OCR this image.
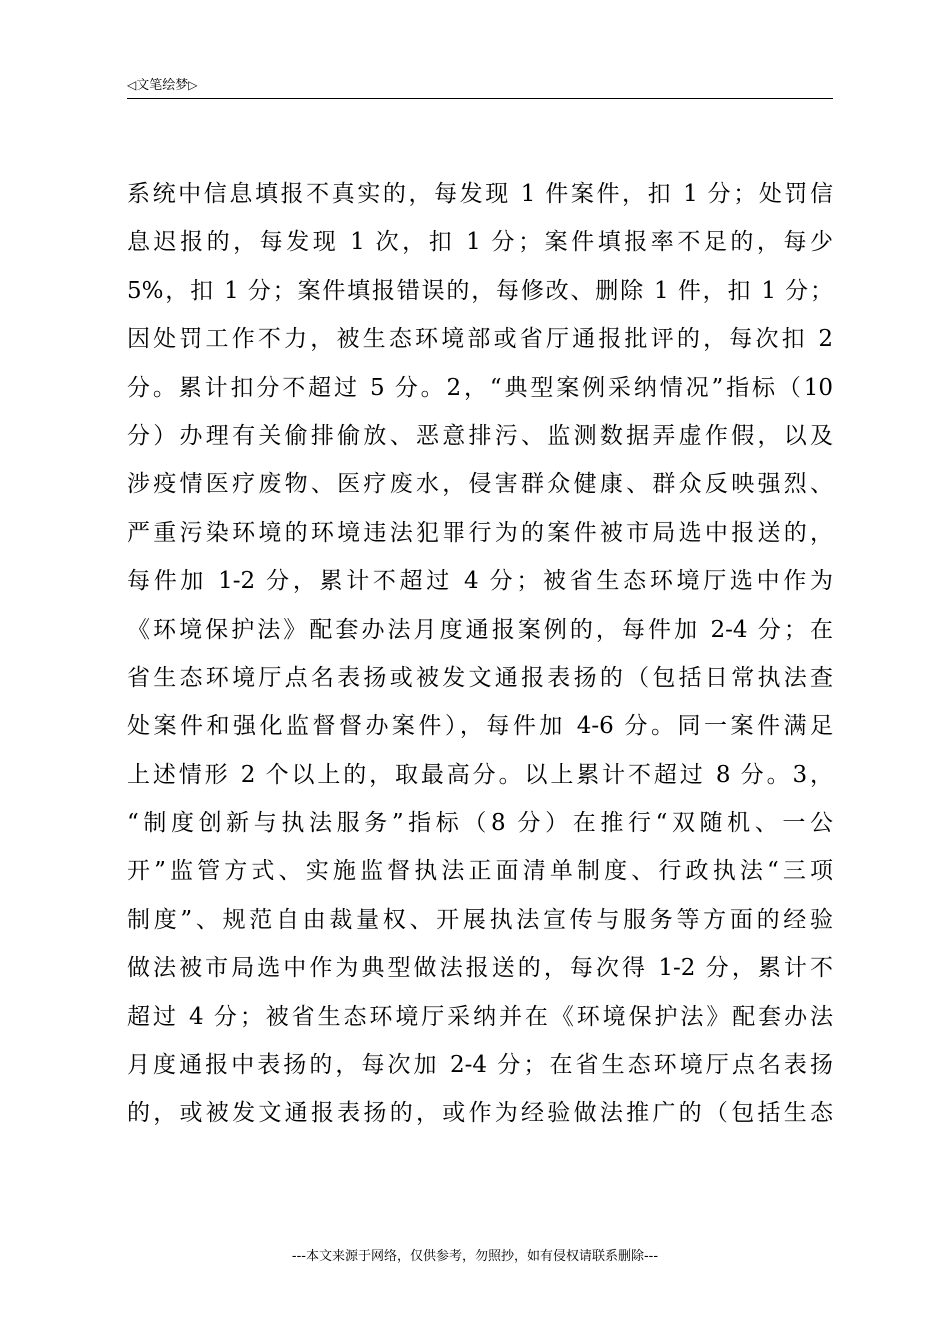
◁文笔绘梦▷
系统中信息填报不真实的，每发现 1 件案件，扣 1 分；处罚信
息迟报的，每发现 1 次，扣 1 分；案件填报率不足的，每少
5%，扣 1 分；案件填报错误的，每修改、删除 1 件，扣 1 分；
因处罚工作不力，被生态环境部或省厅通报批评的，每次扣 2
分。累计扣分不超过 5 分。2，“典型案例采纳情况”指标（10
分）办理有关偷排偷放、恶意排污、监测数据弄虚作假，以及
涉疫情医疗废物、医疗废水，侵害群众健康、群众反映强烈、
严重污染环境的环境违法犯罪行为的案件被市局选中报送的，
每件加 1-2 分，累计不超过 4 分；被省生态环境厅选中作为
《环境保护法》配套办法月度通报案例的，每件加 2-4 分；在
省生态环境厅点名表扬或被发文通报表扬的（包括日常执法查
处案件和强化监督督办案件），每件加 4-6 分。同一案件满足
上述情形 2 个以上的，取最高分。以上累计不超过 8 分。3，
“制度创新与执法服务”指标（8 分）在推行“双随机、一公
开”监管方式、实施监督执法正面清单制度、行政执法“三项
制度”、规范自由裁量权、开展执法宣传与服务等方面的经验
做法被市局选中作为典型做法报送的，每次得 1-2 分，累计不
超过 4 分；被省生态环境厅采纳并在《环境保护法》配套办法
月度通报中表扬的，每次加 2-4 分；在省生态环境厅点名表扬
的，或被发文通报表扬的，或作为经验做法推广的（包括生态
---本文来源于网络，仅供参考，勿照抄，如有侵权请联系删除---
